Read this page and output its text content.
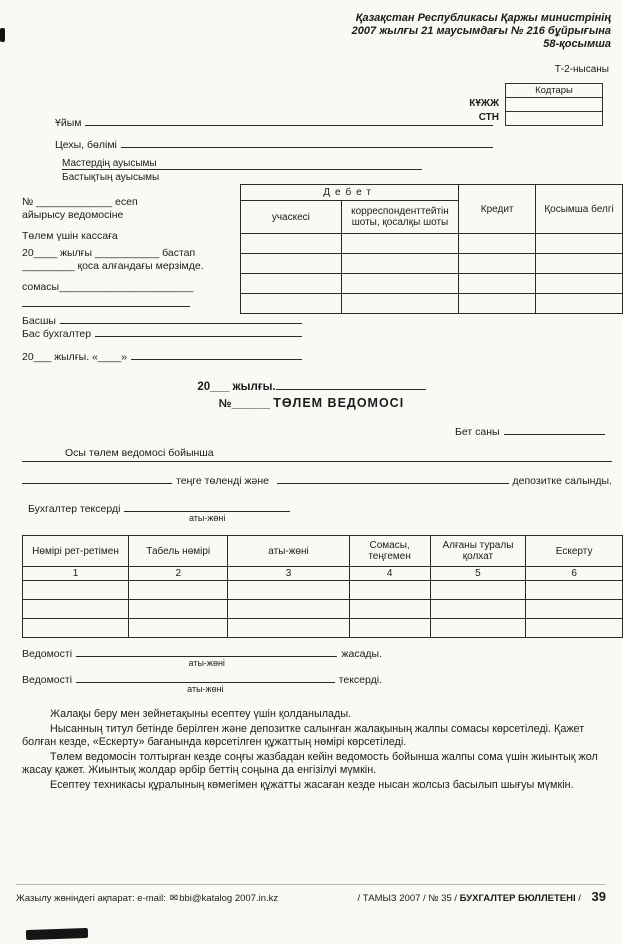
Қазақстан Республикасы Қаржы министрінің
2007 жылғы 21 маусымдағы № 216 бұйрығына
58-қосымша
Т-2-нысаны
Кодтары
КҰЖЖ
СТН
Ұйым
Цехы, бөлімі
Мастердің ауысымы
Бастықтың ауысымы
№ _____________ есеп
айырысу ведомосіне
Төлем үшін кассаға
20____ жылғы ___________ бастап
_________ қоса алғандағы мерзімде.
сомасы_______________________
Дебет		Кредит	Қосымша белгі
учаскесі	корреспонденттейтін шоты, қосалқы шоты		

Басшы
Бас бухгалтер
20___ жылғы. «____»
20___ жылғы.
№______ ТӨЛЕМ ВЕДОМОСІ
Бет саны
Осы төлем ведомосі бойынша
теңге төленді және	депозитке салынды.
Бухгалтер тексерді
аты-жөні
Нөмірі рет-ретімен	Табель нөмірі	аты-жөні	Сомасы, теңгемен	Алғаны туралы қолхат	Ескерту
1	2	3	4	5	6

Ведомості
аты-жөні
жасады.
Ведомості
аты-жөні
тексерді.

Жалақы беру мен зейнетақыны есептеу үшін қолданылады.

Нысанның титул бетінде берілген және депозитке салынған жалақының жалпы сомасы көрсетіледі. Қажет болған кезде, «Ескерту» бағанында көрсетілген құжаттың нөмірі көрсетіледі.

Төлем ведомосін толтырған кезде соңғы жазбадан кейін ведомость бойынша жалпы сома үшін жиынтық жол жасау қажет. Жиынтық жолдар әрбір беттің соңына да енгізілуі мүмкін.

Есептеу техникасы құралының көмегімен құжатты жасаған кезде нысан жолсыз басылып шығуы мүмкін.

Жазылу жөніндегі ақпарат: e-mail: ✉bbi@katalog 2007.in.kz	/ ТАМЫЗ 2007 / № 35 / БУХГАЛТЕР БЮЛЛЕТЕНІ / 39
